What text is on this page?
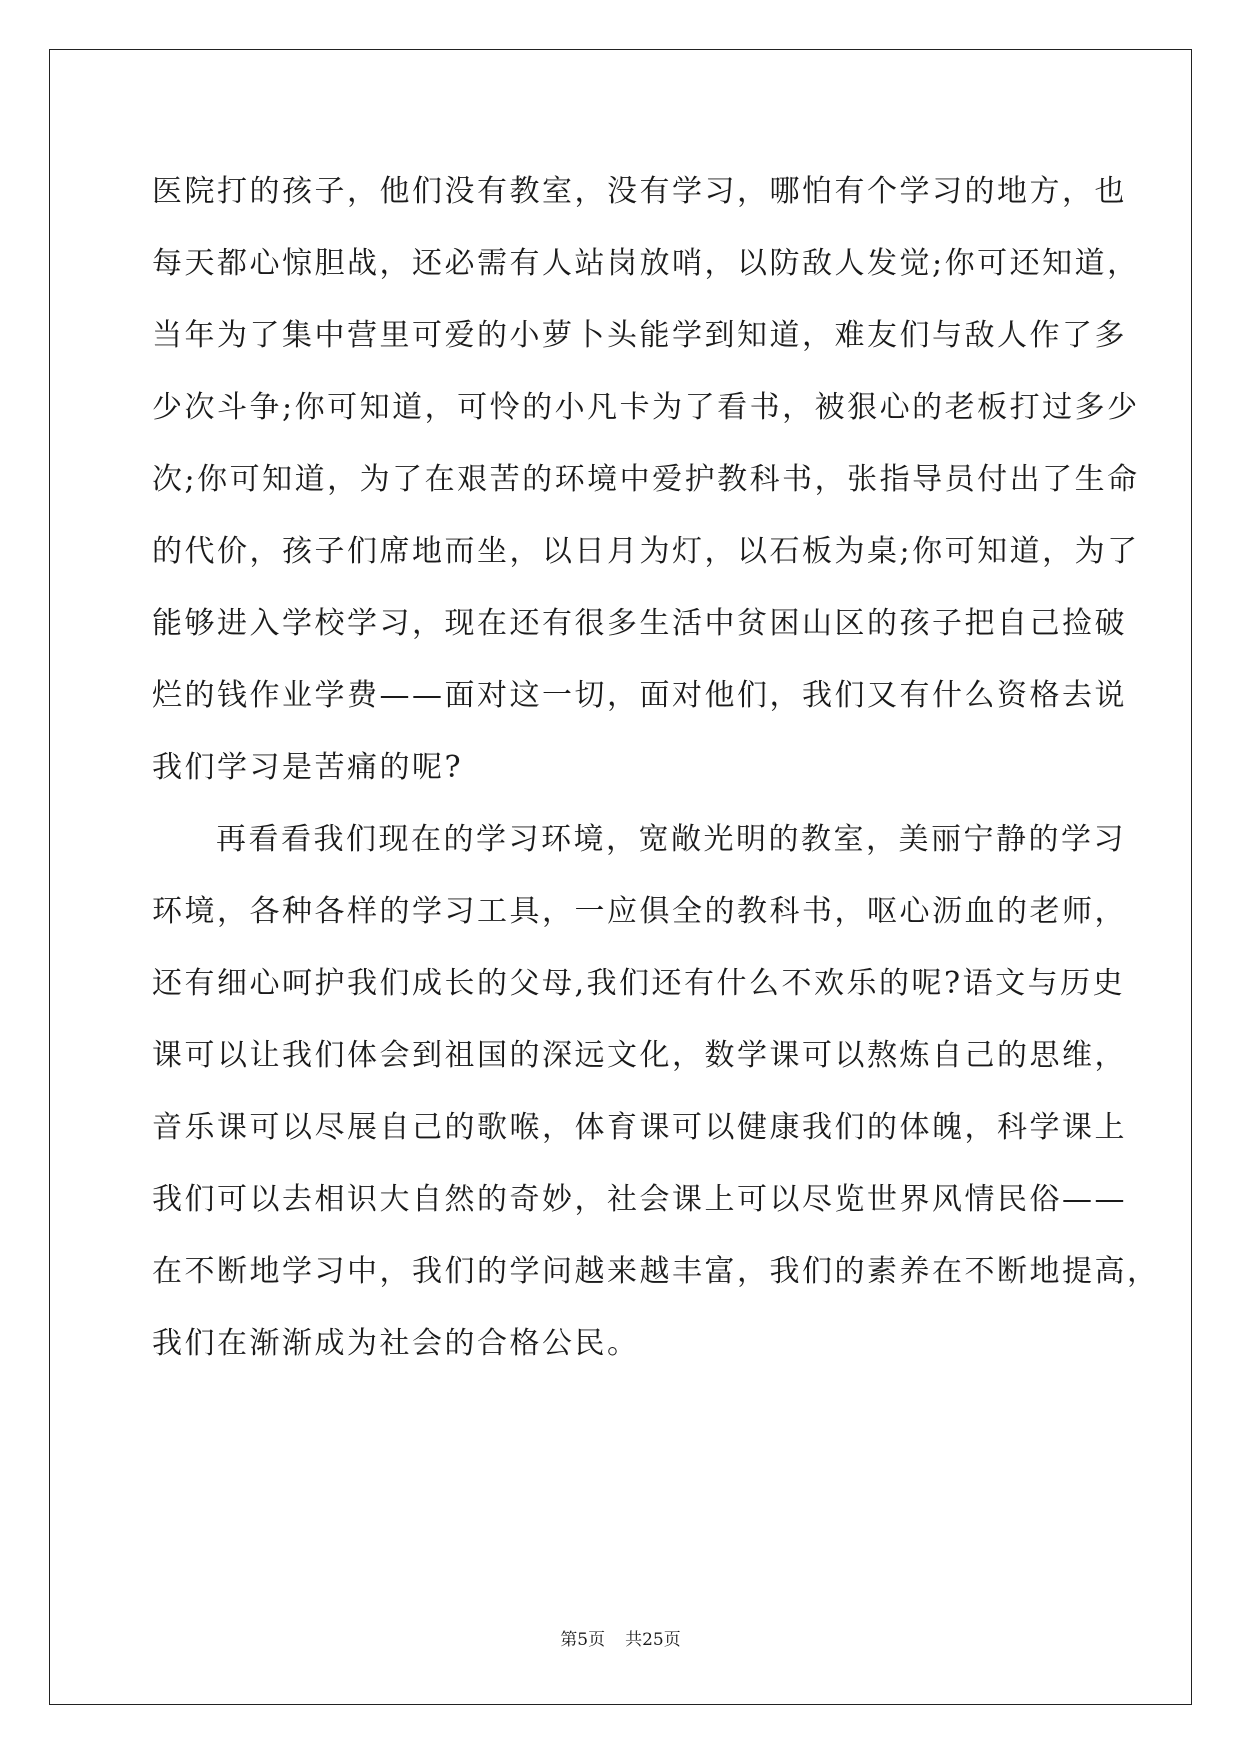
医院打的孩子，他们没有教室，没有学习，哪怕有个学习的地方，也
每天都心惊胆战，还必需有人站岗放哨，以防敌人发觉;你可还知道，
当年为了集中营里可爱的小萝卜头能学到知道，难友们与敌人作了多
少次斗争;你可知道，可怜的小凡卡为了看书，被狠心的老板打过多少
次;你可知道，为了在艰苦的环境中爱护教科书，张指导员付出了生命
的代价，孩子们席地而坐，以日月为灯，以石板为桌;你可知道，为了
能够进入学校学习，现在还有很多生活中贫困山区的孩子把自己捡破
烂的钱作业学费——面对这一切，面对他们，我们又有什么资格去说
我们学习是苦痛的呢?
再看看我们现在的学习环境，宽敞光明的教室，美丽宁静的学习
环境，各种各样的学习工具，一应俱全的教科书，呕心沥血的老师，
还有细心呵护我们成长的父母,我们还有什么不欢乐的呢?语文与历史
课可以让我们体会到祖国的深远文化，数学课可以熬炼自己的思维，
音乐课可以尽展自己的歌喉，体育课可以健康我们的体魄，科学课上
我们可以去相识大自然的奇妙，社会课上可以尽览世界风情民俗——
在不断地学习中，我们的学问越来越丰富，我们的素养在不断地提高，
我们在渐渐成为社会的合格公民。
第5页 共25页
